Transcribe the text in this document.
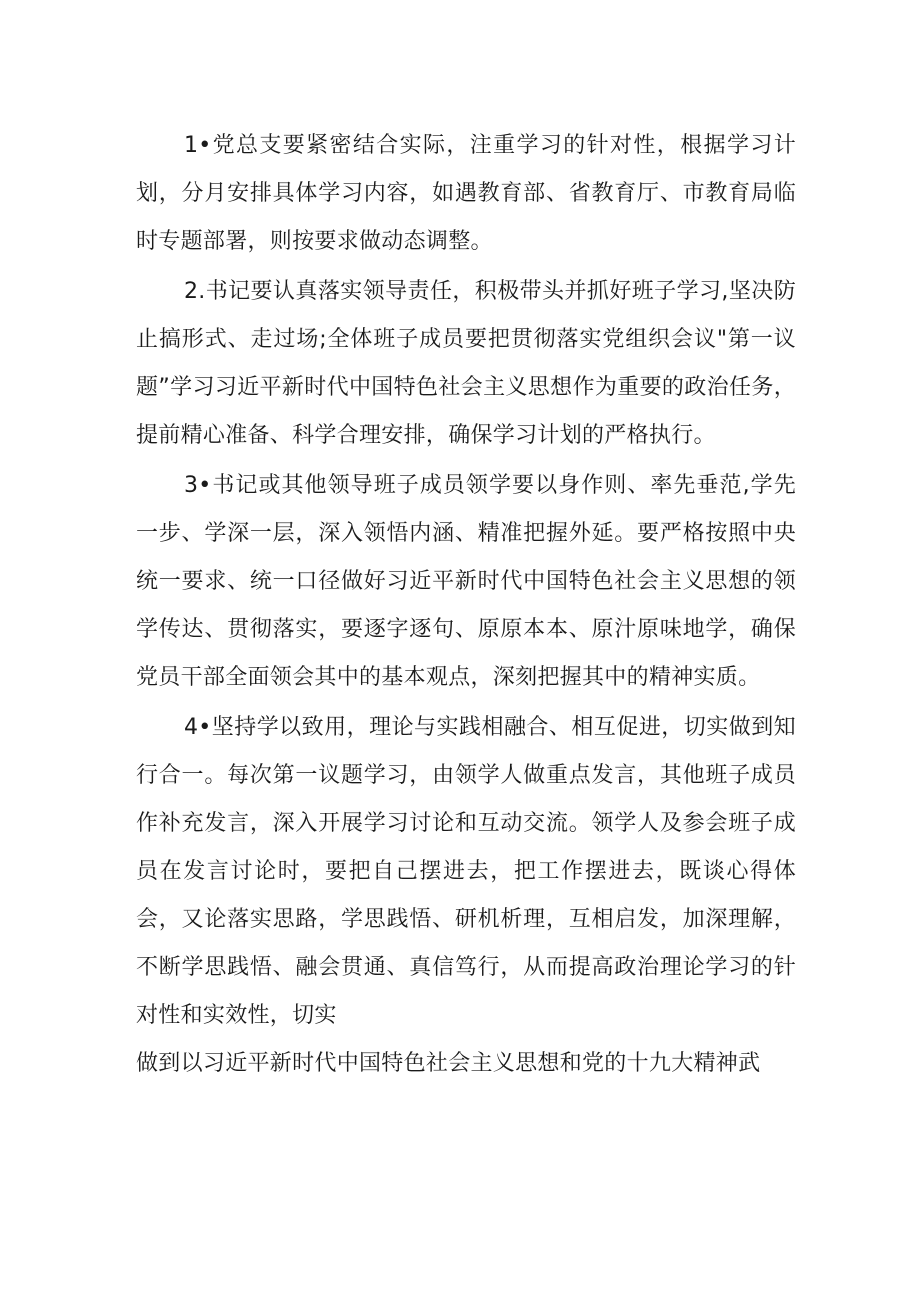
1•党总支要紧密结合实际，注重学习的针对性，根据学习计划，分月安排具体学习内容，如遇教育部、省教育厅、市教育局临时专题部署，则按要求做动态调整。

2.书记要认真落实领导责任，积极带头并抓好班子学习,坚决防止搞形式、走过场;全体班子成员要把贯彻落实党组织会议"第一议题”学习习近平新时代中国特色社会主义思想作为重要的政治任务，提前精心准备、科学合理安排，确保学习计划的严格执行。

3•书记或其他领导班子成员领学要以身作则、率先垂范,学先一步、学深一层，深入领悟内涵、精准把握外延。要严格按照中央统一要求、统一口径做好习近平新时代中国特色社会主义思想的领学传达、贯彻落实，要逐字逐句、原原本本、原汁原味地学，确保党员干部全面领会其中的基本观点，深刻把握其中的精神实质。

4•坚持学以致用，理论与实践相融合、相互促进，切实做到知行合一。每次第一议题学习，由领学人做重点发言，其他班子成员作补充发言，深入开展学习讨论和互动交流。领学人及参会班子成员在发言讨论时，要把自己摆进去，把工作摆进去，既谈心得体会，又论落实思路，学思践悟、研机析理，互相启发，加深理解，不断学思践悟、融会贯通、真信笃行，从而提高政治理论学习的针对性和实效性，切实

做到以习近平新时代中国特色社会主义思想和党的十九大精神武
